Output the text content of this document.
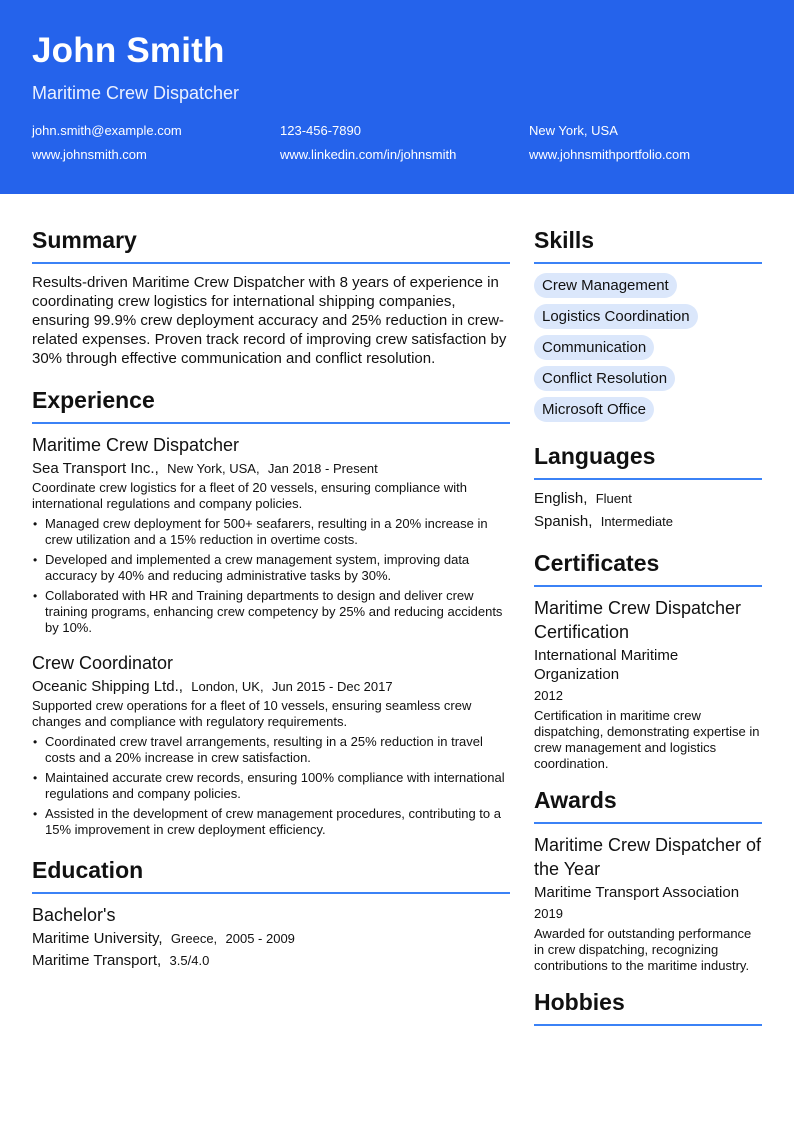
John Smith
Maritime Crew Dispatcher
john.smith@example.com	123-456-7890	New York, USA
www.johnsmith.com	www.linkedin.com/in/johnsmith	www.johnsmithportfolio.com
Summary

Results-driven Maritime Crew Dispatcher with 8 years of experience in coordinating crew logistics for international shipping companies, ensuring 99.9% crew deployment accuracy and 25% reduction in crew-related expenses. Proven track record of improving crew satisfaction by 30% through effective communication and conflict resolution.

Experience
Maritime Crew Dispatcher
Sea Transport Inc., New York, USA, Jan 2018 - Present

Coordinate crew logistics for a fleet of 20 vessels, ensuring compliance with international regulations and company policies.

• Managed crew deployment for 500+ seafarers, resulting in a 20% increase in crew utilization and a 15% reduction in overtime costs.
• Developed and implemented a crew management system, improving data accuracy by 40% and reducing administrative tasks by 30%.
• Collaborated with HR and Training departments to design and deliver crew training programs, enhancing crew competency by 25% and reducing accidents by 10%.
Crew Coordinator
Oceanic Shipping Ltd., London, UK, Jun 2015 - Dec 2017

Supported crew operations for a fleet of 10 vessels, ensuring seamless crew changes and compliance with regulatory requirements.

• Coordinated crew travel arrangements, resulting in a 25% reduction in travel costs and a 20% increase in crew satisfaction.
• Maintained accurate crew records, ensuring 100% compliance with international regulations and company policies.
• Assisted in the development of crew management procedures, contributing to a 15% improvement in crew deployment efficiency.
Education
Bachelor's
Maritime University, Greece, 2005 - 2009
Maritime Transport, 3.5/4.0
Skills
Crew Management
Logistics Coordination
Communication
Conflict Resolution
Microsoft Office
Languages
English, Fluent
Spanish, Intermediate
Certificates
Maritime Crew Dispatcher Certification
International Maritime Organization
2012

Certification in maritime crew dispatching, demonstrating expertise in crew management and logistics coordination.

Awards
Maritime Crew Dispatcher of the Year
Maritime Transport Association
2019

Awarded for outstanding performance in crew dispatching, recognizing contributions to the maritime industry.

Hobbies
